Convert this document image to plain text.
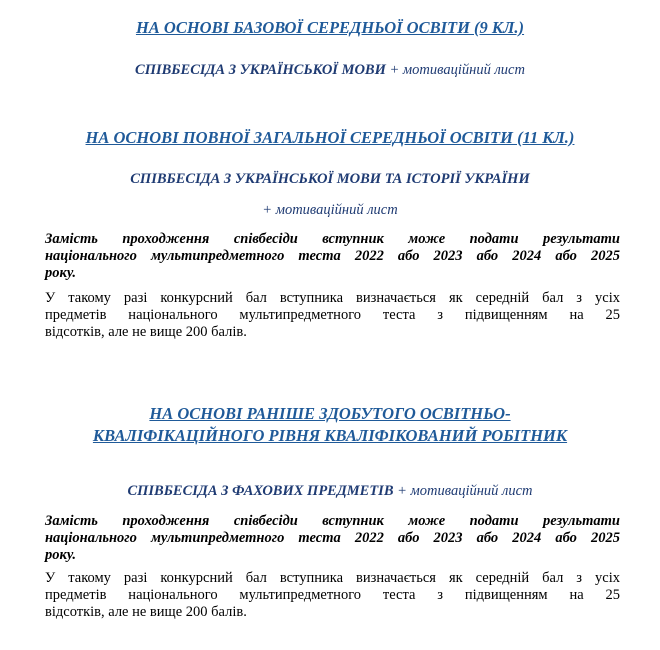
НА ОСНОВІ БАЗОВОЇ СЕРЕДНЬОЇ ОСВІТИ (9 КЛ.)
СПІВБЕСІДА З УКРАЇНСЬКОЇ МОВИ + мотиваційний лист
НА ОСНОВІ ПОВНОЇ ЗАГАЛЬНОЇ СЕРЕДНЬОЇ ОСВІТИ (11 КЛ.)
СПІВБЕСІДА З УКРАЇНСЬКОЇ МОВИ ТА ІСТОРІЇ УКРАЇНИ
+ мотиваційний лист
Замість проходження співбесіди вступник може подати результати
національного мультипредметного теста 2022 або 2023 або 2024 або 2025
року.
У такому разі конкурсний бал вступника визначається як середній бал з усіх
предметів національного мультипредметного теста з підвищенням на 25
відсотків, але не вище 200 балів.
НА ОСНОВІ РАНІШЕ ЗДОБУТОГО ОСВІТНЬО-
КВАЛІФІКАЦІЙНОГО РІВНЯ КВАЛІФІКОВАНИЙ РОБІТНИК
СПІВБЕСІДА З ФАХОВИХ ПРЕДМЕТІВ + мотиваційний лист
Замість проходження співбесіди вступник може подати результати
національного мультипредметного теста 2022 або 2023 або 2024 або 2025
року.
У такому разі конкурсний бал вступника визначається як середній бал з усіх
предметів національного мультипредметного теста з підвищенням на 25
відсотків, але не вище 200 балів.
